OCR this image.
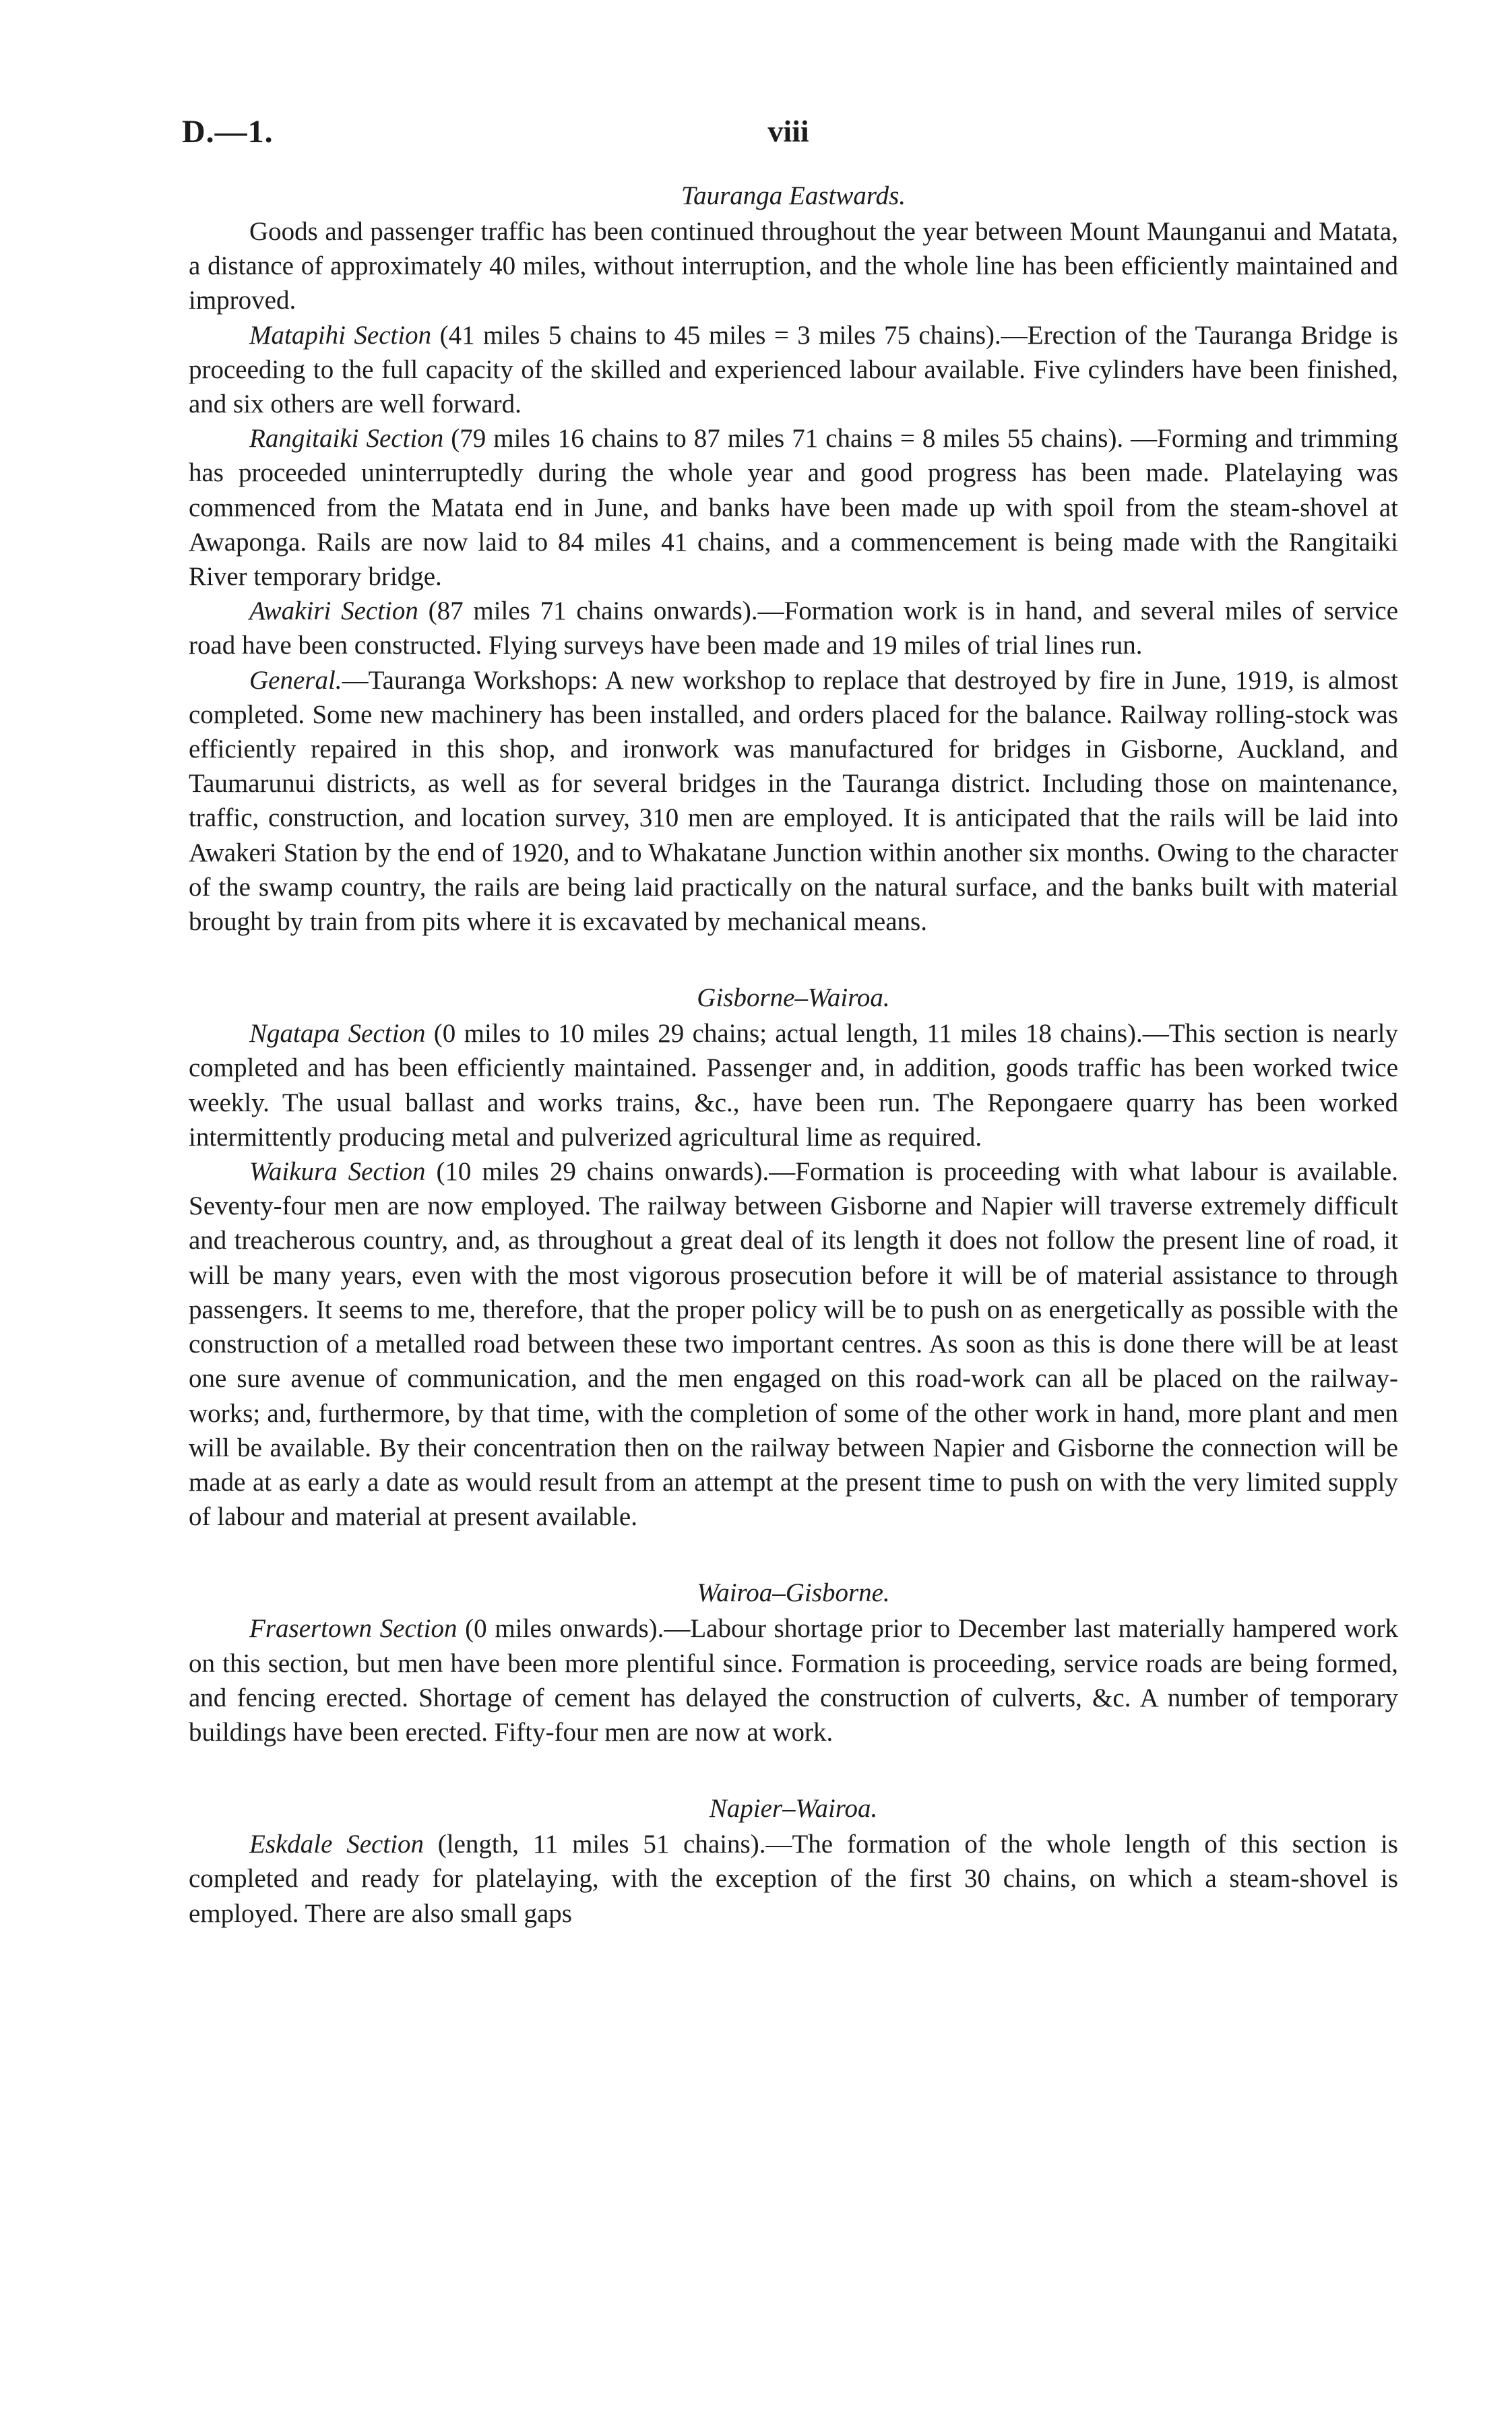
D.—1.	viii
Tauranga Eastwards.

Goods and passenger traffic has been continued throughout the year between Mount Maunganui and Matata, a distance of approximately 40 miles, without interruption, and the whole line has been efficiently maintained and improved.

Matapihi Section (41 miles 5 chains to 45 miles = 3 miles 75 chains).—Erection of the Tauranga Bridge is proceeding to the full capacity of the skilled and experienced labour available. Five cylinders have been finished, and six others are well forward.

Rangitaiki Section (79 miles 16 chains to 87 miles 71 chains = 8 miles 55 chains). —Forming and trimming has proceeded uninterruptedly during the whole year and good progress has been made. Platelaying was commenced from the Matata end in June, and banks have been made up with spoil from the steam-shovel at Awaponga. Rails are now laid to 84 miles 41 chains, and a commencement is being made with the Rangitaiki River temporary bridge.

Awakiri Section (87 miles 71 chains onwards).—Formation work is in hand, and several miles of service road have been constructed. Flying surveys have been made and 19 miles of trial lines run.

General.—Tauranga Workshops: A new workshop to replace that destroyed by fire in June, 1919, is almost completed. Some new machinery has been installed, and orders placed for the balance. Railway rolling-stock was efficiently repaired in this shop, and ironwork was manufactured for bridges in Gisborne, Auckland, and Taumarunui districts, as well as for several bridges in the Tauranga district. Including those on maintenance, traffic, construction, and location survey, 310 men are employed. It is anticipated that the rails will be laid into Awakeri Station by the end of 1920, and to Whakatane Junction within another six months. Owing to the character of the swamp country, the rails are being laid practically on the natural surface, and the banks built with material brought by train from pits where it is excavated by mechanical means.

Gisborne–Wairoa.

Ngatapa Section (0 miles to 10 miles 29 chains; actual length, 11 miles 18 chains).—This section is nearly completed and has been efficiently maintained. Passenger and, in addition, goods traffic has been worked twice weekly. The usual ballast and works trains, &c., have been run. The Repongaere quarry has been worked intermittently producing metal and pulverized agricultural lime as required.

Waikura Section (10 miles 29 chains onwards).—Formation is proceeding with what labour is available. Seventy-four men are now employed. The railway between Gisborne and Napier will traverse extremely difficult and treacherous country, and, as throughout a great deal of its length it does not follow the present line of road, it will be many years, even with the most vigorous prosecution before it will be of material assistance to through passengers. It seems to me, therefore, that the proper policy will be to push on as energetically as possible with the construction of a metalled road between these two important centres. As soon as this is done there will be at least one sure avenue of communication, and the men engaged on this road-work can all be placed on the railway-works; and, furthermore, by that time, with the completion of some of the other work in hand, more plant and men will be available. By their concentration then on the railway between Napier and Gisborne the connection will be made at as early a date as would result from an attempt at the present time to push on with the very limited supply of labour and material at present available.

Wairoa–Gisborne.

Frasertown Section (0 miles onwards).—Labour shortage prior to December last materially hampered work on this section, but men have been more plentiful since. Formation is proceeding, service roads are being formed, and fencing erected. Shortage of cement has delayed the construction of culverts, &c. A number of temporary buildings have been erected. Fifty-four men are now at work.

Napier–Wairoa.

Eskdale Section (length, 11 miles 51 chains).—The formation of the whole length of this section is completed and ready for platelaying, with the exception of the first 30 chains, on which a steam-shovel is employed. There are also small gaps
